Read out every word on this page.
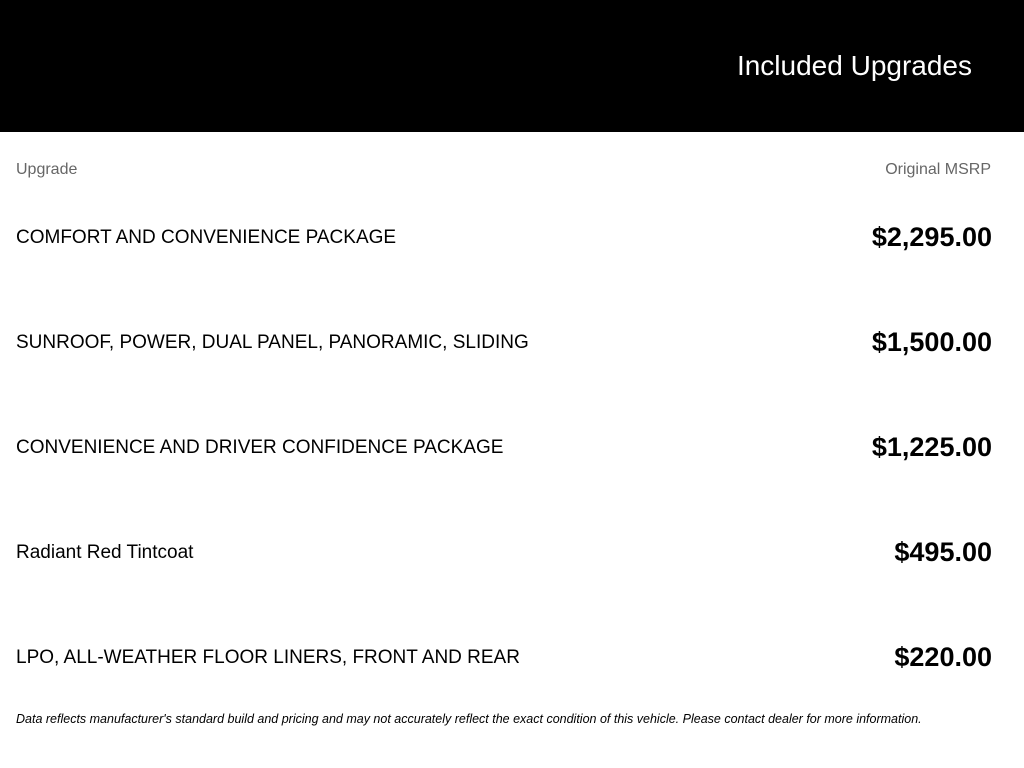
Included Upgrades
Upgrade	Original MSRP
COMFORT AND CONVENIENCE PACKAGE	$2,295.00
SUNROOF, POWER, DUAL PANEL, PANORAMIC, SLIDING	$1,500.00
CONVENIENCE AND DRIVER CONFIDENCE PACKAGE	$1,225.00
Radiant Red Tintcoat	$495.00
LPO, ALL-WEATHER FLOOR LINERS, FRONT AND REAR	$220.00
Data reflects manufacturer's standard build and pricing and may not accurately reflect the exact condition of this vehicle. Please contact dealer for more information.
